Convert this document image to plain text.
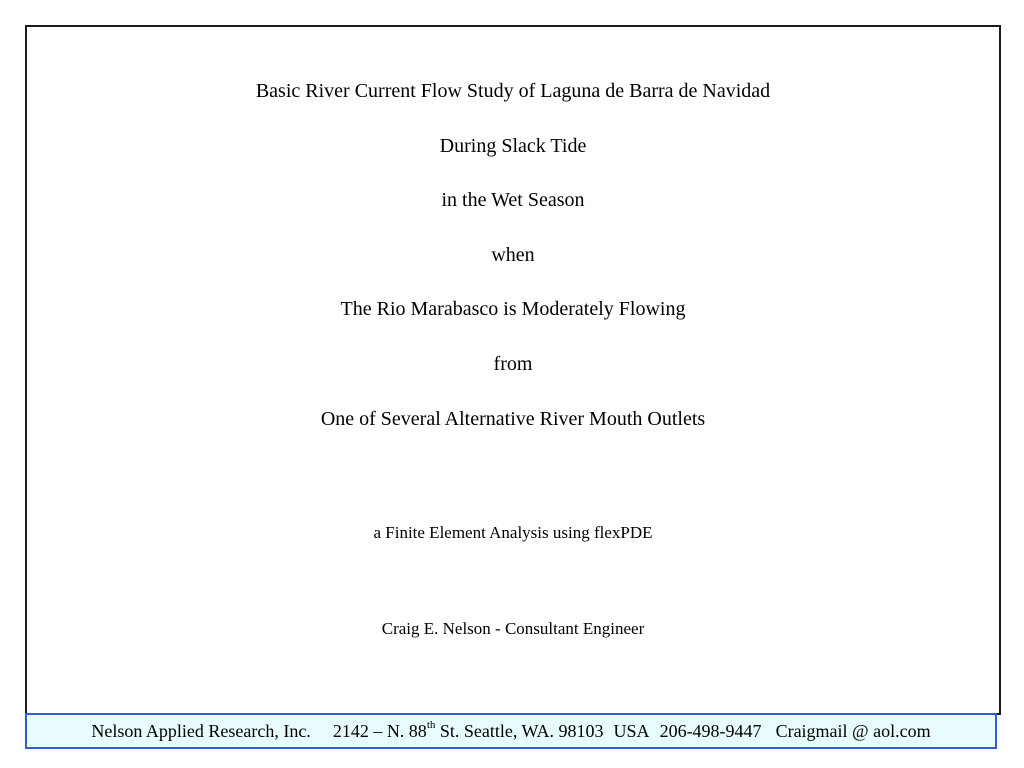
Basic River Current Flow Study of Laguna de Barra de Navidad
During Slack Tide
in the Wet Season
when
The Rio Marabasco is Moderately Flowing
from
One of Several Alternative River Mouth Outlets
a Finite Element Analysis using flexPDE
Craig E. Nelson - Consultant Engineer
Nelson Applied Research, Inc. 2142 – N. 88th St. Seattle, WA. 98103 USA 206-498-9447 Craigmail @ aol.com
